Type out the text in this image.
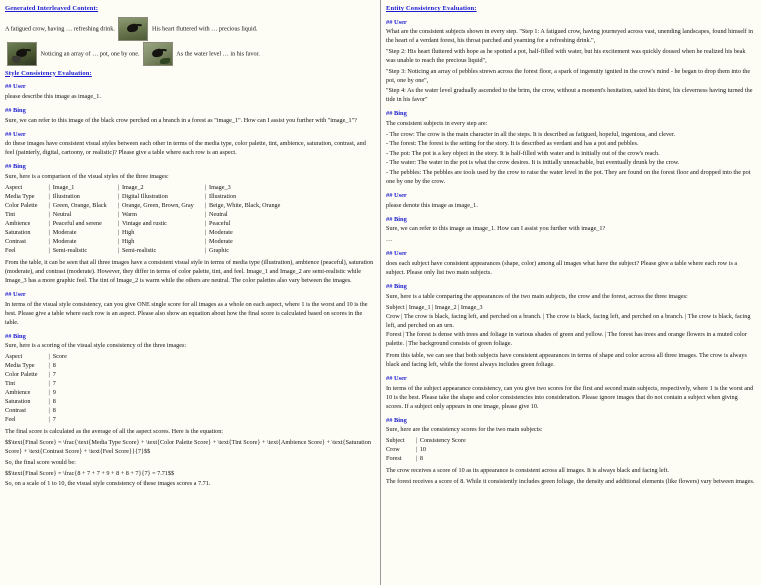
Generated Interleaved Content:

A fatigued crow, having … refreshing drink.	His heart fluttered with … precious liquid.

Noticing an array of … pot, one by one.	As the water level … in his favor.

Style Consistency Evaluation:
## User

please describe this image as image_1.

## Bing

Sure, we can refer to this image of the black crow perched on a branch in a forest as "image_1". How can I assist you further with "image_1"?

## User

do these images have consistent visual styles between each other in terms of the media type, color palette, tint, ambience, saturation, contrast, and feel (painterly, digital, cartoony, or realistic)? Please give a table where each row is an aspect.

## Bing

Sure, here is a comparison of the visual styles of the three images:

Aspect	|	Image_1	|	Image_2	|	Image_3
Media Type	|	Illustration	|	Digital Illustration	|	Illustration
Color Palette	|	Green, Orange, Black	|	Orange, Green, Brown, Gray	|	Beige, White, Black, Orange
Tint	|	Neutral	|	Warm	|	Neutral
Ambience	|	Peaceful and serene	|	Vintage and rustic	|	Peaceful
Saturation	|	Moderate	|	High	|	Moderate
Contrast	|	Moderate	|	High	|	Moderate
Feel	|	Semi-realistic	|	Semi-realistic	|	Graphic

From the table, it can be seen that all three images have a consistent visual style in terms of media type (illustration), ambience (peaceful), saturation (moderate), and contrast (moderate). However, they differ in terms of color palette, tint, and feel. Image_1 and Image_2 are semi-realistic while Image_3 has a more graphic feel. The tint of Image_2 is warm while the others are neutral. The color palettes also vary between the images.

## User

In terms of the visual style consistency, can you give ONE single score for all images as a whole on each aspect, where 1 is the worst and 10 is the best. Please give a table where each row is an aspect. Please also show an equation about how the final score is calculated based on scores in the table.

## Bing

Sure, here is a scoring of the visual style consistency of the three images:

Aspect	|	Score
Media Type	|	8
Color Palette	|	7
Tint	|	7
Ambience	|	9
Saturation	|	8
Contrast	|	8
Feel	|	7

The final score is calculated as the average of all the aspect scores. Here is the equation:

$$\text{Final Score} = \frac{\text{Media Type Score} + \text{Color Palette Score} + \text{Tint Score} + \text{Ambience Score} + \text{Saturation Score} + \text{Contrast Score} + \text{Feel Score}}{7}$$

So, the final score would be:

$$\text{Final Score} = \frac{8 + 7 + 7 + 9 + 8 + 8 + 7}{7} = 7.71$$

So, on a scale of 1 to 10, the visual style consistency of these images scores a 7.71.

Entity Consistency Evaluation:
## User

What are the consistent subjects shown in every step. "Step 1: A fatigued crow, having journeyed across vast, unending landscapes, found himself in the heart of a verdant forest, his throat parched and yearning for a refreshing drink.",

"Step 2: His heart fluttered with hope as he spotted a pot, half-filled with water, but his excitement was quickly doused when he realized his beak was unable to reach the precious liquid",

"Step 3: Noticing an array of pebbles strewn across the forest floor, a spark of ingenuity ignited in the crow's mind - he began to drop them into the pot, one by one",

"Step 4: As the water level gradually ascended to the brim, the crow, without a moment's hesitation, sated his thirst, his cleverness having turned the tide in his favor"

## Bing

The consistent subjects in every step are:

- The crow: The crow is the main character in all the steps. It is described as fatigued, hopeful, ingenious, and clever.

- The forest: The forest is the setting for the story. It is described as verdant and has a pot and pebbles.

- The pot: The pot is a key object in the story. It is half-filled with water and is initially out of the crow's reach.

- The water: The water in the pot is what the crow desires. It is initially unreachable, but eventually drunk by the crow.

- The pebbles: The pebbles are tools used by the crow to raise the water level in the pot. They are found on the forest floor and dropped into the pot one by one by the crow.

## User

please denote this image as image_1.

## Bing

Sure, we can refer to this image as image_1. How can I assist you further with image_1?

…

## User

does each subject have consistent appearances (shape, color) among all images what have the subject? Please give a table where each row is a subject. Please only list two main subjects.

## Bing

Sure, here is a table comparing the appearances of the two main subjects, the crow and the forest, across the three images:

Subject | Image_1 | Image_2 | Image_3

Crow | The crow is black, facing left, and perched on a branch. | The crow is black, facing left, and perched on a branch. | The crow is black, facing left, and perched on an urn.

Forest | The forest is dense with trees and foliage in various shades of green and yellow. | The forest has trees and orange flowers in a muted color palette. | The background consists of green foliage.

From this table, we can see that both subjects have consistent appearances in terms of shape and color across all three images. The crow is always black and facing left, while the forest always includes green foliage.

## User

In terms of the subject appearance consistency, can you give two scores for the first and second main subjects, respectively, where 1 is the worst and 10 is the best. Please take the shape and color consistencies into consideration. Please ignore images that do not contain a subject when giving scores. If a subject only appears in one image, please give 10.

## Bing

Sure, here are the consistency scores for the two main subjects:

Subject	|	Consistency Score
Crow	|	10
Forest	|	8

The crow receives a score of 10 as its appearance is consistent across all images. It is always black and facing left.

The forest receives a score of 8. While it consistently includes green foliage, the density and additional elements (like flowers) vary between images.
